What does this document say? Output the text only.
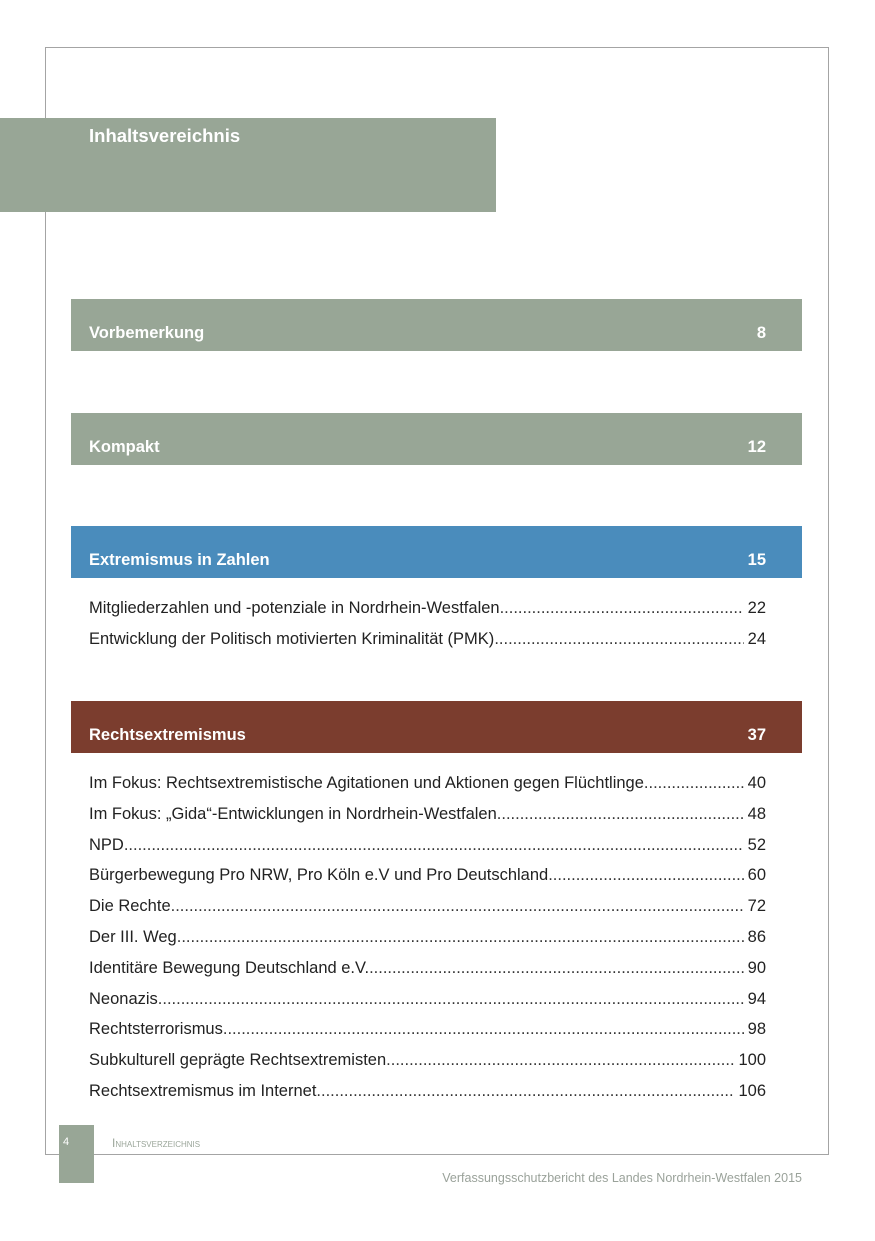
Inhaltsvereichnis
Vorbemerkung	8
Kompakt	12
Extremismus in Zahlen	15
Mitgliederzahlen und -potenziale in Nordrhein-Westfalen .....	22
Entwicklung der Politisch motivierten Kriminalität (PMK) .....	24
Rechtsextremismus	37
Im Fokus: Rechtsextremistische Agitationen und Aktionen gegen Flüchtlinge .....	40
Im Fokus: „Gida“-Entwicklungen in Nordrhein-Westfalen .....	48
NPD .....	52
Bürgerbewegung Pro NRW, Pro Köln e.V und Pro Deutschland .....	60
Die Rechte .....	72
Der III. Weg .....	86
Identitäre Bewegung Deutschland e.V. .....	90
Neonazis .....	94
Rechtsterrorismus .....	98
Subkulturell geprägte Rechtsextremisten .....	100
Rechtsextremismus im Internet .....	106
4	Inhaltsverzeichnis
Verfassungsschutzbericht des Landes Nordrhein-Westfalen 2015
